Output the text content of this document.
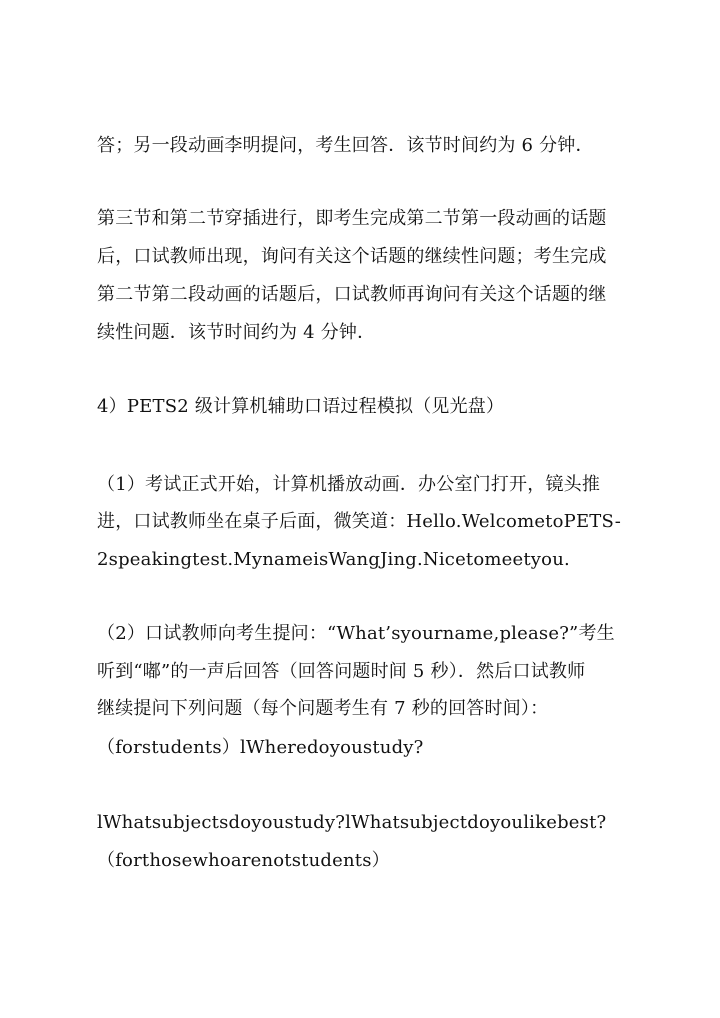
答；另一段动画李明提问，考生回答．该节时间约为 6 分钟．
第三节和第二节穿插进行，即考生完成第二节第一段动画的话题
后，口试教师出现，询问有关这个话题的继续性问题；考生完成
第二节第二段动画的话题后，口试教师再询问有关这个话题的继
续性问题．该节时间约为 4 分钟．
4）PETS2 级计算机辅助口语过程模拟（见光盘）
（1）考试正式开始，计算机播放动画．办公室门打开，镜头推
进，口试教师坐在桌子后面，微笑道：Hello.WelcometoPETS-
2speakingtest.MynameisWangJing.Nicetomeetyou.
（2）口试教师向考生提问：“What’syourname,please?”考生
听到“嘟”的一声后回答（回答问题时间 5 秒）．然后口试教师
继续提问下列问题（每个问题考生有 7 秒的回答时间）：
（forstudents）lWheredoyoustudy?
lWhatsubjectsdoyoustudy?lWhatsubjectdoyoulikebest?
（forthosewhoarenotstudents）
